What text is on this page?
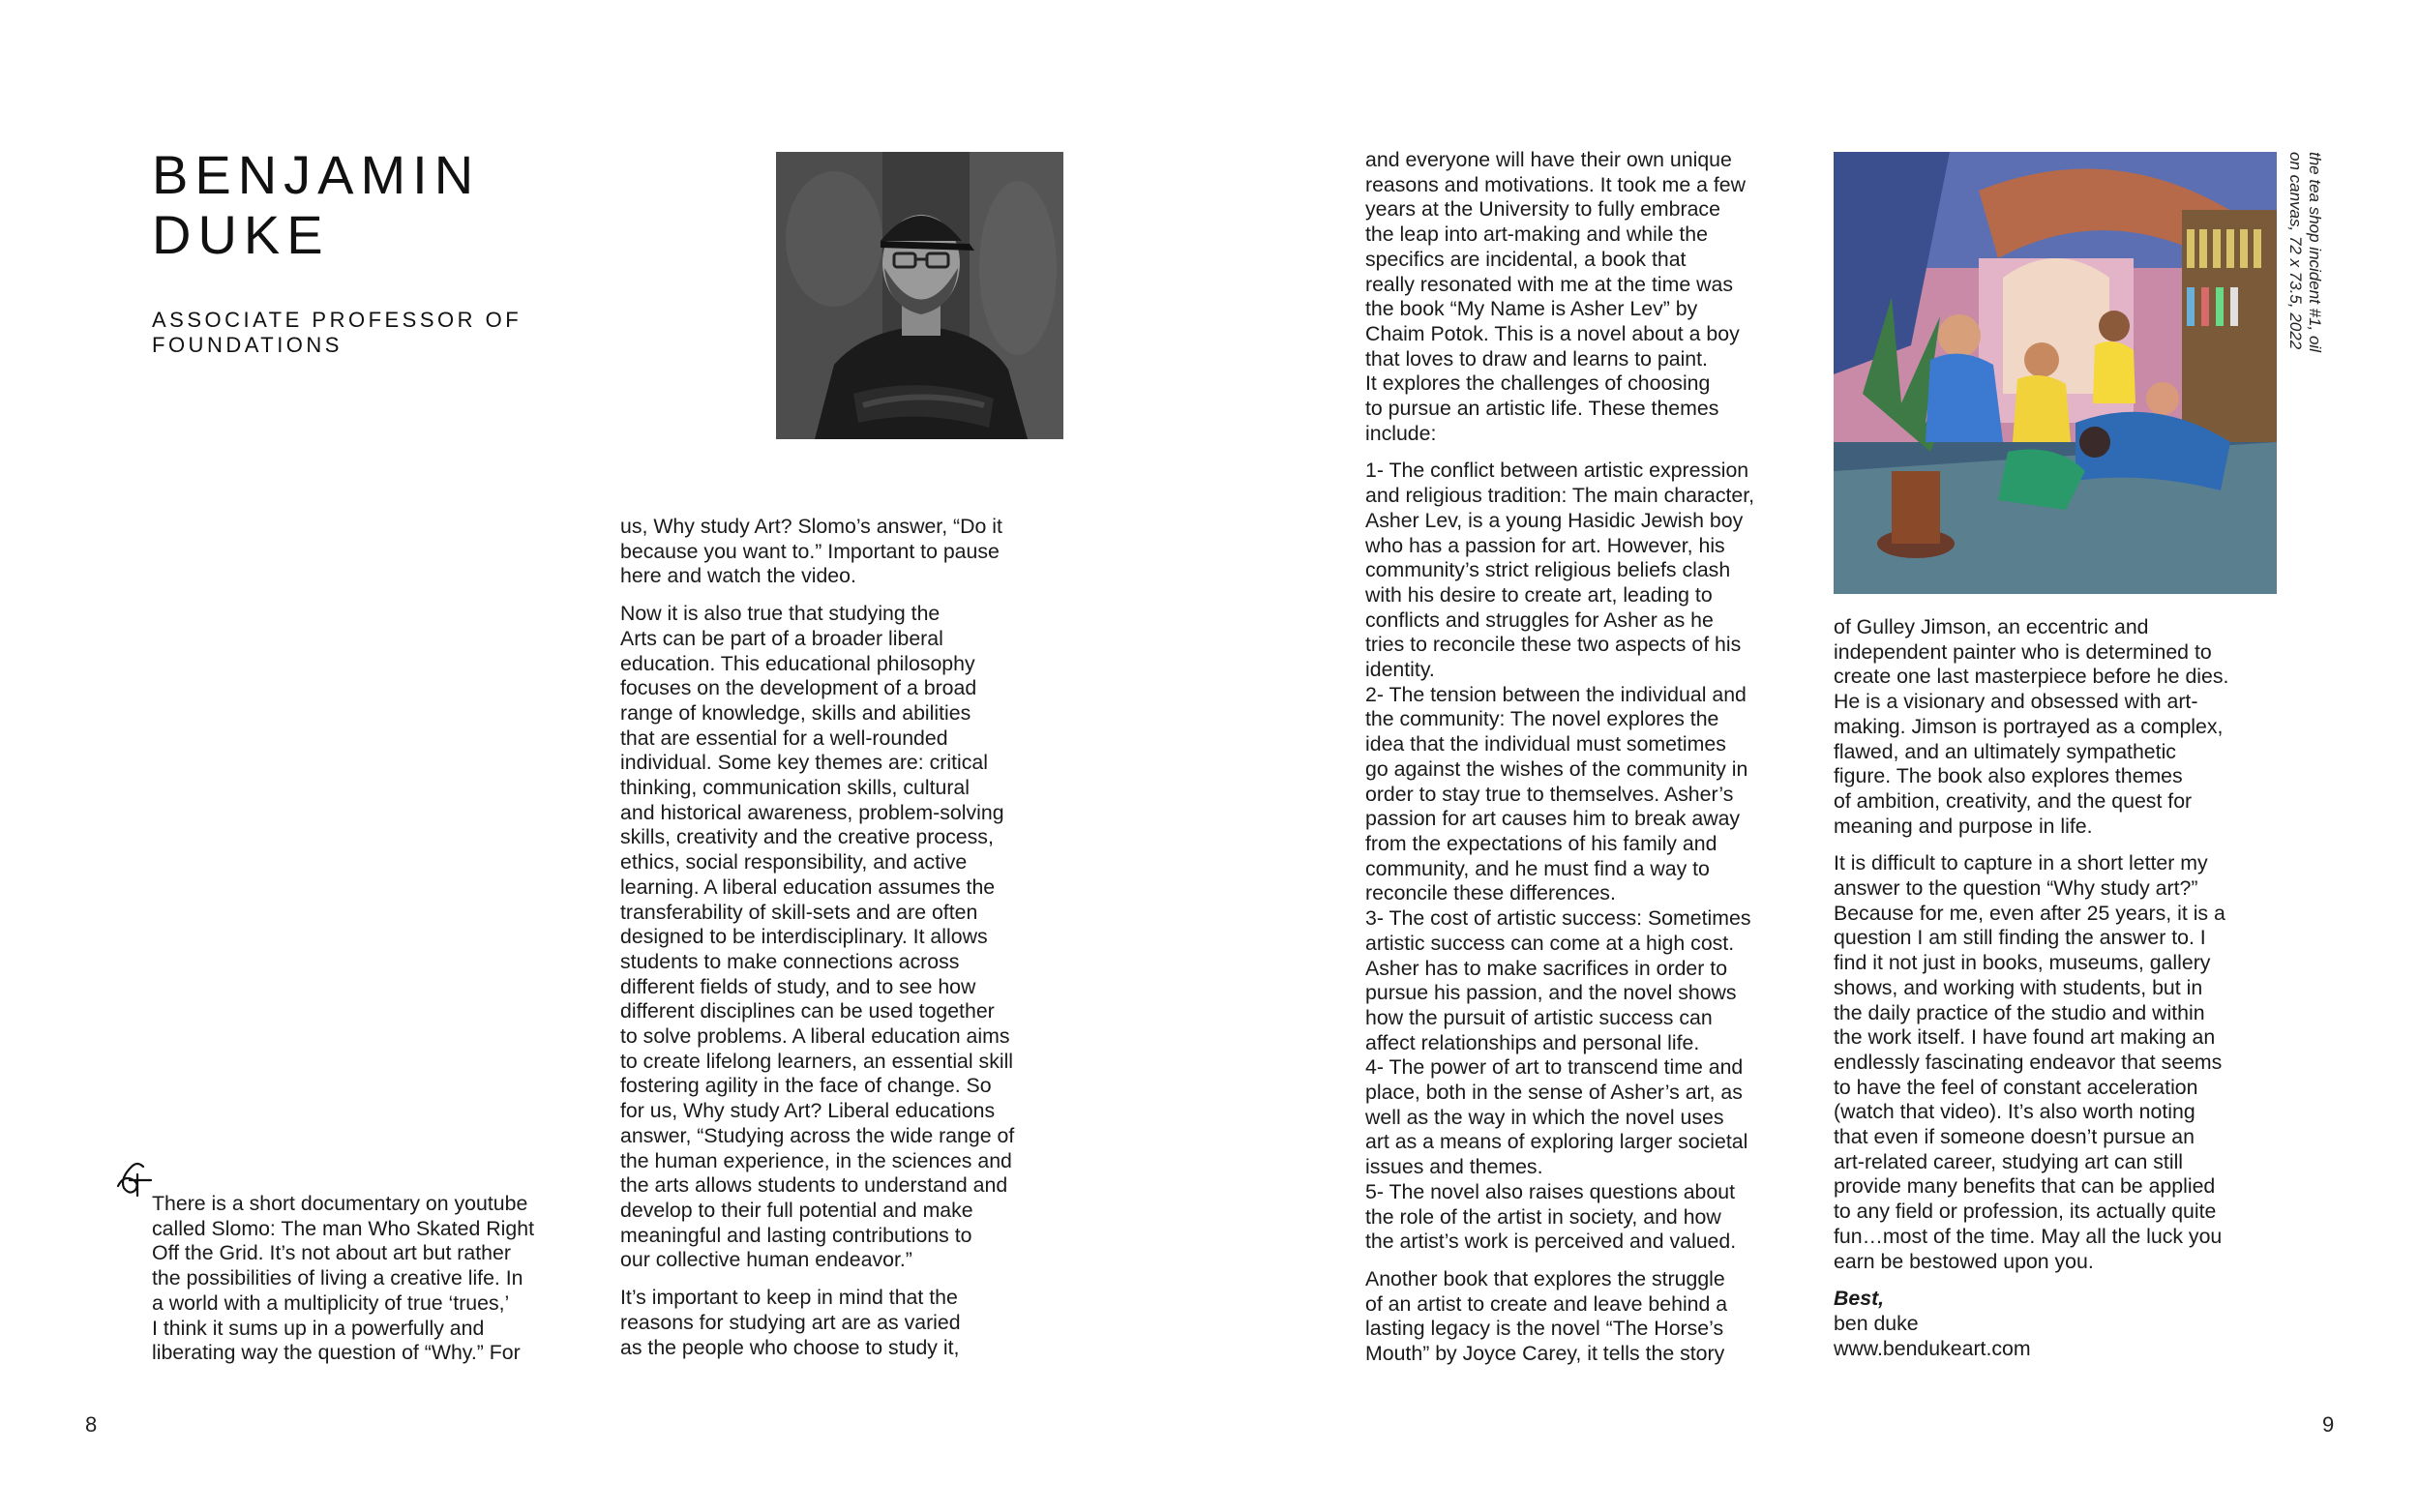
BENJAMIN
DUKE
ASSOCIATE PROFESSOR OF
FOUNDATIONS	the tea shop incident #1, oil
on canvas, 72 x 73.5, 2022

There is a short documentary on youtube
called Slomo: The man Who Skated Right
Off the Grid. It’s not about art but rather
the possibilities of living a creative life. In
a world with a multiplicity of true ‘trues,’
I think it sums up in a powerfully and
liberating way the question of “Why.” For

us, Why study Art? Slomo’s answer, “Do it
because you want to.” Important to pause
here and watch the video.

Now it is also true that studying the
Arts can be part of a broader liberal
education. This educational philosophy
focuses on the development of a broad
range of knowledge, skills and abilities
that are essential for a well-rounded
individual. Some key themes are: critical
thinking, communication skills, cultural
and historical awareness, problem-solving
skills, creativity and the creative process,
ethics, social responsibility, and active
learning. A liberal education assumes the
transferability of skill-sets and are often
designed to be interdisciplinary. It allows
students to make connections across
different fields of study, and to see how
different disciplines can be used together
to solve problems. A liberal education aims
to create lifelong learners, an essential skill
fostering agility in the face of change. So
for us, Why study Art? Liberal educations
answer, “Studying across the wide range of
the human experience, in the sciences and
the arts allows students to understand and
develop to their full potential and make
meaningful and lasting contributions to
our collective human endeavor.”

It’s important to keep in mind that the
reasons for studying art are as varied
as the people who choose to study it,

and everyone will have their own unique
reasons and motivations. It took me a few
years at the University to fully embrace
the leap into art-making and while the
specifics are incidental, a book that
really resonated with me at the time was
the book “My Name is Asher Lev” by
Chaim Potok. This is a novel about a boy
that loves to draw and learns to paint.
It explores the challenges of choosing
to pursue an artistic life. These themes
include:

1- The conflict between artistic expression
and religious tradition: The main character,
Asher Lev, is a young Hasidic Jewish boy
who has a passion for art. However, his
community’s strict religious beliefs clash
with his desire to create art, leading to
conflicts and struggles for Asher as he
tries to reconcile these two aspects of his
identity.
2- The tension between the individual and
the community: The novel explores the
idea that the individual must sometimes
go against the wishes of the community in
order to stay true to themselves. Asher’s
passion for art causes him to break away
from the expectations of his family and
community, and he must find a way to
reconcile these differences.
3- The cost of artistic success: Sometimes
artistic success can come at a high cost.
Asher has to make sacrifices in order to
pursue his passion, and the novel shows
how the pursuit of artistic success can
affect relationships and personal life.
4- The power of art to transcend time and
place, both in the sense of Asher’s art, as
well as the way in which the novel uses
art as a means of exploring larger societal
issues and themes.
5- The novel also raises questions about
the role of the artist in society, and how
the artist’s work is perceived and valued.

Another book that explores the struggle
of an artist to create and leave behind a
lasting legacy is the novel “The Horse’s
Mouth” by Joyce Carey, it tells the story

of Gulley Jimson, an eccentric and
independent painter who is determined to
create one last masterpiece before he dies.
He is a visionary and obsessed with art-
making. Jimson is portrayed as a complex,
flawed, and an ultimately sympathetic
figure. The book also explores themes
of ambition, creativity, and the quest for
meaning and purpose in life.

It is difficult to capture in a short letter my
answer to the question “Why study art?”
Because for me, even after 25 years, it is a
question I am still finding the answer to. I
find it not just in books, museums, gallery
shows, and working with students, but in
the daily practice of the studio and within
the work itself. I have found art making an
endlessly fascinating endeavor that seems
to have the feel of constant acceleration
(watch that video). It’s also worth noting
that even if someone doesn’t pursue an
art-related career, studying art can still
provide many benefits that can be applied
to any field or profession, its actually quite
fun…most of the time. May all the luck you
earn be bestowed upon you.

Best,
ben duke
www.bendukeart.com

8	9
